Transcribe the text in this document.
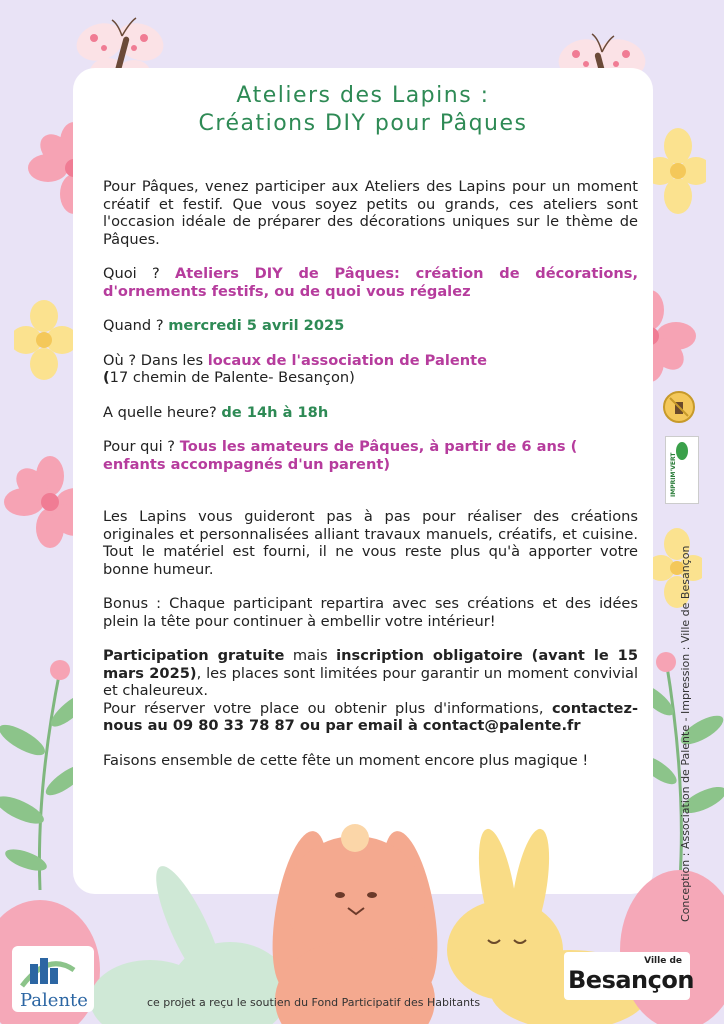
Ateliers des Lapins :
Créations DIY pour Pâques

Pour Pâques, venez participer aux Ateliers des Lapins pour un moment créatif et festif. Que vous soyez petits ou grands, ces ateliers sont l'occasion idéale de préparer des décorations uniques sur le thème de Pâques.

Quoi ? Ateliers DIY de Pâques: création de décorations, d'ornements festifs, ou de quoi vous régalez

Quand ? mercredi 5 avril 2025

Où ? Dans les locaux de l'association de Palente
(17 chemin de Palente- Besançon)

A quelle heure? de 14h à 18h

Pour qui ? Tous les amateurs de Pâques, à partir de 6 ans ( enfants accompagnés d'un parent)

Les Lapins vous guideront pas à pas pour réaliser des créations originales et personnalisées alliant travaux manuels, créatifs, et cuisine. Tout le matériel est fourni, il ne vous reste plus qu'à apporter votre bonne humeur.

Bonus : Chaque participant repartira avec ses créations et des idées plein la tête pour continuer à embellir votre intérieur!

Participation gratuite mais inscription obligatoire (avant le 15 mars 2025), les places sont limitées pour garantir un moment convivial et chaleureux.

Pour réserver votre place ou obtenir plus d'informations, contactez-nous au 09 80 33 78 87 ou par email à contact@palente.fr

Faisons ensemble de cette fête un moment encore plus magique !

IMPRIM'VERT
Conception : Association de Palente - Impression : Ville de Besançon
Palente	ce projet a reçu le soutien du Fond Participatif des Habitants
Ville de
Besançon
